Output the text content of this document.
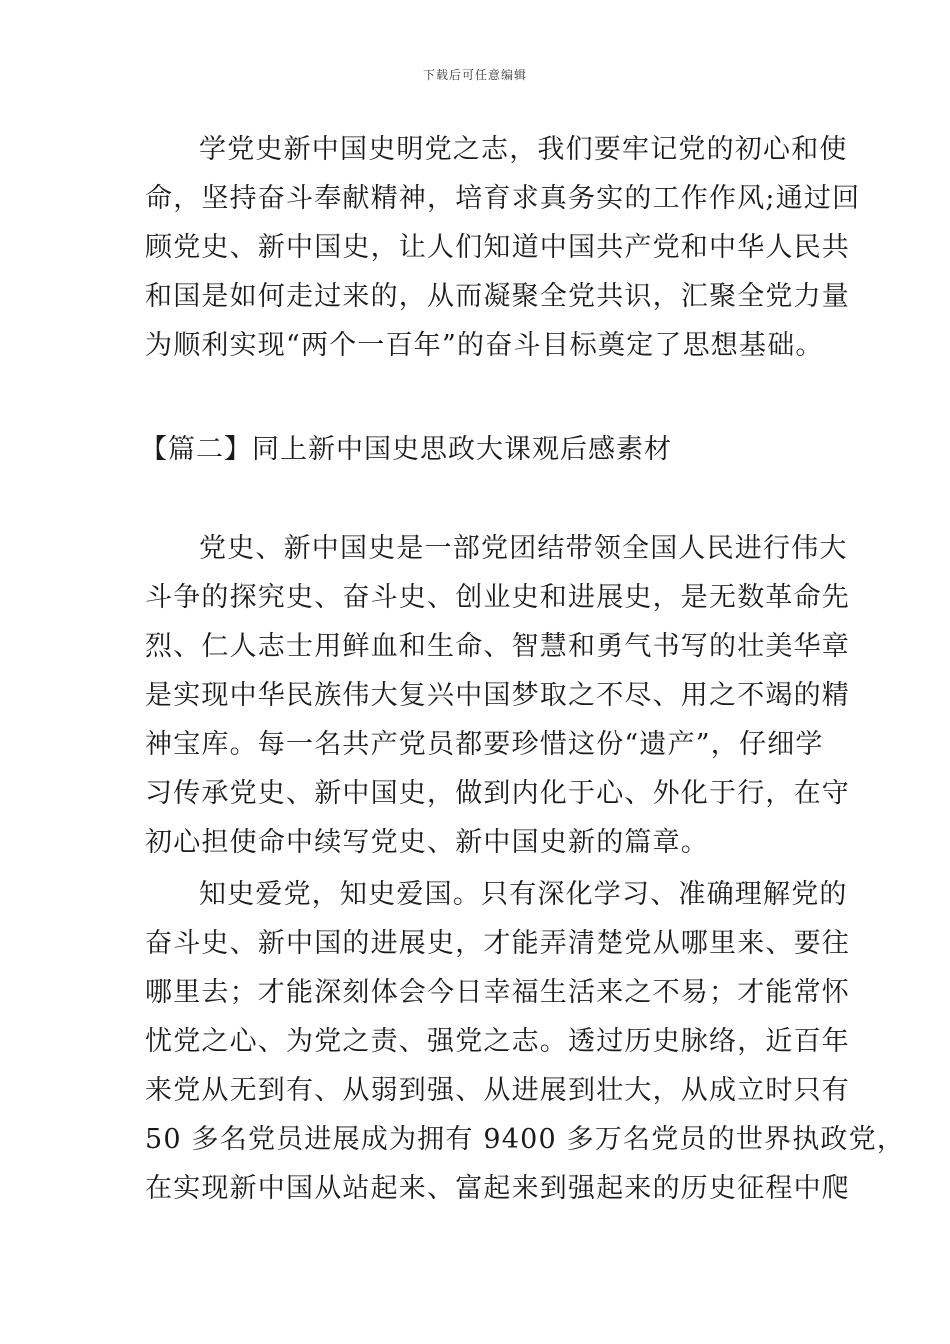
下载后可任意编辑
学党史新中国史明党之志，我们要牢记党的初心和使
命，坚持奋斗奉献精神，培育求真务实的工作作风;通过回
顾党史、新中国史，让人们知道中国共产党和中华人民共
和国是如何走过来的，从而凝聚全党共识，汇聚全党力量
为顺利实现“两个一百年”的奋斗目标奠定了思想基础。
【篇二】同上新中国史思政大课观后感素材
党史、新中国史是一部党团结带领全国人民进行伟大
斗争的探究史、奋斗史、创业史和进展史，是无数革命先
烈、仁人志士用鲜血和生命、智慧和勇气书写的壮美华章
是实现中华民族伟大复兴中国梦取之不尽、用之不竭的精
神宝库。每一名共产党员都要珍惜这份“遗产”，仔细学
习传承党史、新中国史，做到内化于心、外化于行，在守
初心担使命中续写党史、新中国史新的篇章。
知史爱党，知史爱国。只有深化学习、准确理解党的
奋斗史、新中国的进展史，才能弄清楚党从哪里来、要往
哪里去；才能深刻体会今日幸福生活来之不易；才能常怀
忧党之心、为党之责、强党之志。透过历史脉络，近百年
来党从无到有、从弱到强、从进展到壮大，从成立时只有
50 多名党员进展成为拥有 9400 多万名党员的世界执政党，
在实现新中国从站起来、富起来到强起来的历史征程中爬
